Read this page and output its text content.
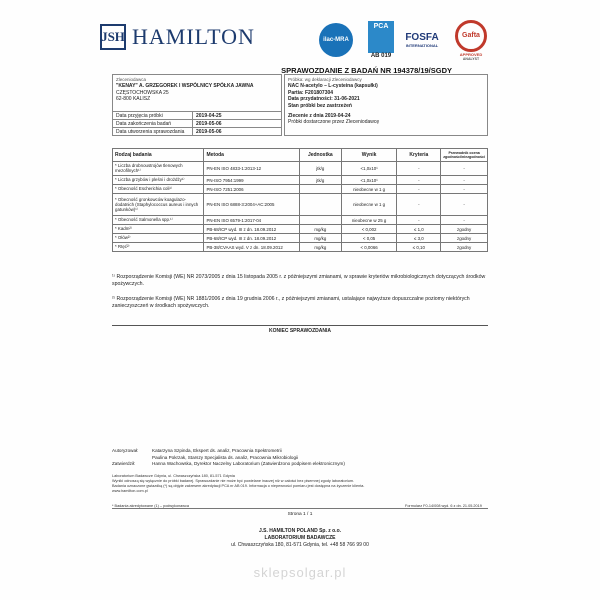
JSH HAMILTON	ilac-MRA
PCA
AB 019
FOSFA
INTERNATIONAL
Gafta
APPROVED
ANALYST
SPRAWOZDANIE Z BADAŃ NR 194378/19/SGDY
Zleceniodawca
"KENAY" A. GRZEGOREK I WSPÓLNICY SPÓŁKA JAWNA
CZĘSTOCHOWSKA 25
62-800 KALISZ
Data przyjęcia próbki	2019-04-25
Data zakończenia badań	2019-05-06
Data utworzenia sprawozdania	2019-05-06
Próbka: wg deklaracji Zleceniodawcy
NAC N-acetylo – L-cysteina (kapsułki)
Partia: F201807304
Data przydatności: 31-06-2021
Stan próbki bez zastrzeżeń
Zlecenie z dnia 2019-04-24
Próbki dostarczone przez Zleceniodawcę
Rodzaj badania	Metoda	Jednostka	Wynik	Kryteria	Przewodnik ocena zgodności/niezgodności
* Liczba drobnoustrojów tlenowych mezofilnych¹⁾	PN-EN ISO 4833-1:2013-12	jtk/g	<1,0x10¹	-	-
* Liczba grzybów i pleśni i drożdży¹⁾	PN-ISO 7954:1999	jtk/g	<1,0x10¹	-	-
* Obecność Escherichia coli¹⁾	PN-ISO 7251:2006		nieobecne w 1 g	-	-
* Obecność gronkowców koagulazo-dodatnich (Staphylococcus aureus i innych gatunków)¹⁾	PN-EN ISO 6888-3:2004+AC:2005		nieobecne w 1 g	-	-
* Obecność Salmonella spp.¹⁾	PN-EN ISO 6579-1:2017-04		nieobecne w 25 g	-	-
* Kadm²⁾	PB-68/ICP wyd. III z dn. 18.09.2012	mg/kg	< 0,002	≤ 1,0	zgodny
* Ołów²⁾	PB-68/ICP wyd. III z dn. 18.09.2012	mg/kg	< 0,05	≤ 3,0	zgodny
* Rtęć²⁾	PB-38/CVAAS wyd. V z dn. 18.09.2012	mg/kg	< 0,0066	≤ 0,10	zgodny
¹⁾ Rozporządzenie Komisji (WE) NR 2073/2005 z dnia 15 listopada 2005 r. z późniejszymi zmianami, w sprawie kryteriów mikrobiologicznych dotyczących środków spożywczych.
²⁾ Rozporządzenie Komisji (WE) NR 1881/2006 z dnia 19 grudnia 2006 r., z późniejszymi zmianami, ustalające najwyższe dopuszczalne poziomy niektórych zanieczyszczeń w środkach spożywczych.
KONIEC SPRAWOZDANIA
Autoryzował:	Katarzyna Szpinda, Ekspert ds. analiz, Pracownia Spektrometrii
Paulina Pokrzak, Starszy Specjalista ds. analiz, Pracownia Mikrobiologii
Zatwierdził:	Hanna Wachowska, Dyrektor Naczelny Laboratorium (Zatwierdzono podpisem elektronicznym)
Laboratorium Badawcze Gdynia, ul. Chwaszczyńska 180, 81-571 Gdynia
Wyniki odnoszą się wyłącznie do próbki badanej. Sprawozdanie nie może być powielane inaczej niż w całości bez pisemnej zgody laboratorium.
Badania oznaczone gwiazdką (*) są objęte zakresem akredytacji PCA nr AB 019. Informacja o niepewności pomiaru jest dostępna na życzenie klienta.
www.hamilton.com.pl
* Badania akredytowane (1) – podwykonawca	Formularz F0-14/008 wyd. 6 z dn. 21.05.2019
Strona 1 / 1
J.S. HAMILTON POLAND Sp. z o.o.
LABORATORIUM BADAWCZE
ul. Chwaszczyńska 180, 81-571 Gdynia, tel. +48 58 766 99 00
sklepsolgar.pl
